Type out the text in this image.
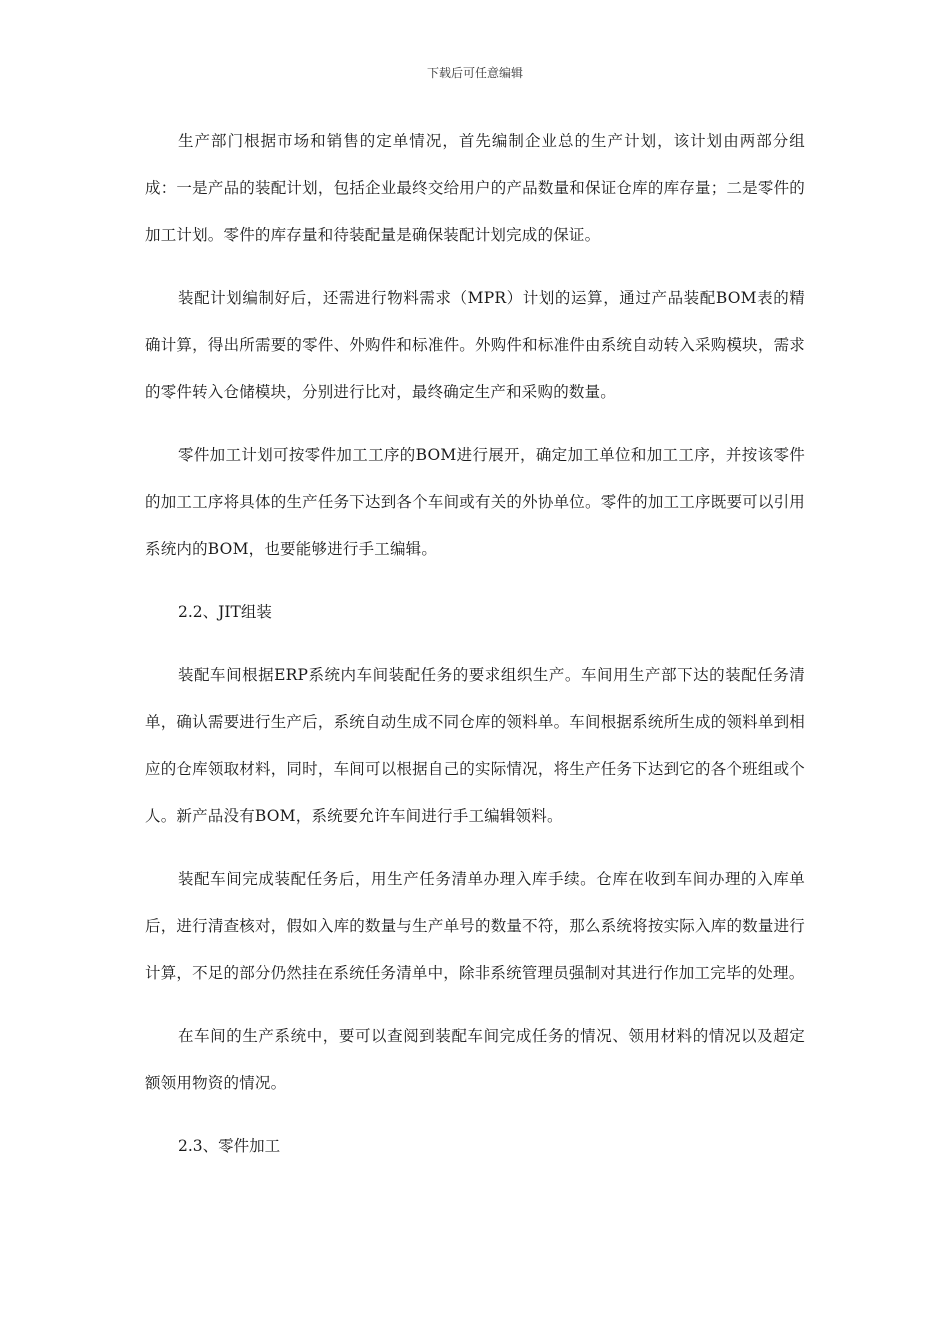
下载后可任意编辑

生产部门根据市场和销售的定单情况，首先编制企业总的生产计划，该计划由两部分组成：一是产品的装配计划，包括企业最终交给用户的产品数量和保证仓库的库存量；二是零件的加工计划。零件的库存量和待装配量是确保装配计划完成的保证。

装配计划编制好后，还需进行物料需求（MPR）计划的运算，通过产品装配BOM表的精确计算，得出所需要的零件、外购件和标准件。外购件和标准件由系统自动转入采购模块，需求的零件转入仓储模块，分别进行比对，最终确定生产和采购的数量。

零件加工计划可按零件加工工序的BOM进行展开，确定加工单位和加工工序，并按该零件的加工工序将具体的生产任务下达到各个车间或有关的外协单位。零件的加工工序既要可以引用系统内的BOM，也要能够进行手工编辑。

2.2、JIT组装

装配车间根据ERP系统内车间装配任务的要求组织生产。车间用生产部下达的装配任务清单，确认需要进行生产后，系统自动生成不同仓库的领料单。车间根据系统所生成的领料单到相应的仓库领取材料，同时，车间可以根据自己的实际情况，将生产任务下达到它的各个班组或个人。新产品没有BOM，系统要允许车间进行手工编辑领料。

装配车间完成装配任务后，用生产任务清单办理入库手续。仓库在收到车间办理的入库单后，进行清查核对，假如入库的数量与生产单号的数量不符，那么系统将按实际入库的数量进行计算，不足的部分仍然挂在系统任务清单中，除非系统管理员强制对其进行作加工完毕的处理。

在车间的生产系统中，要可以查阅到装配车间完成任务的情况、领用材料的情况以及超定额领用物资的情况。

2.3、零件加工
